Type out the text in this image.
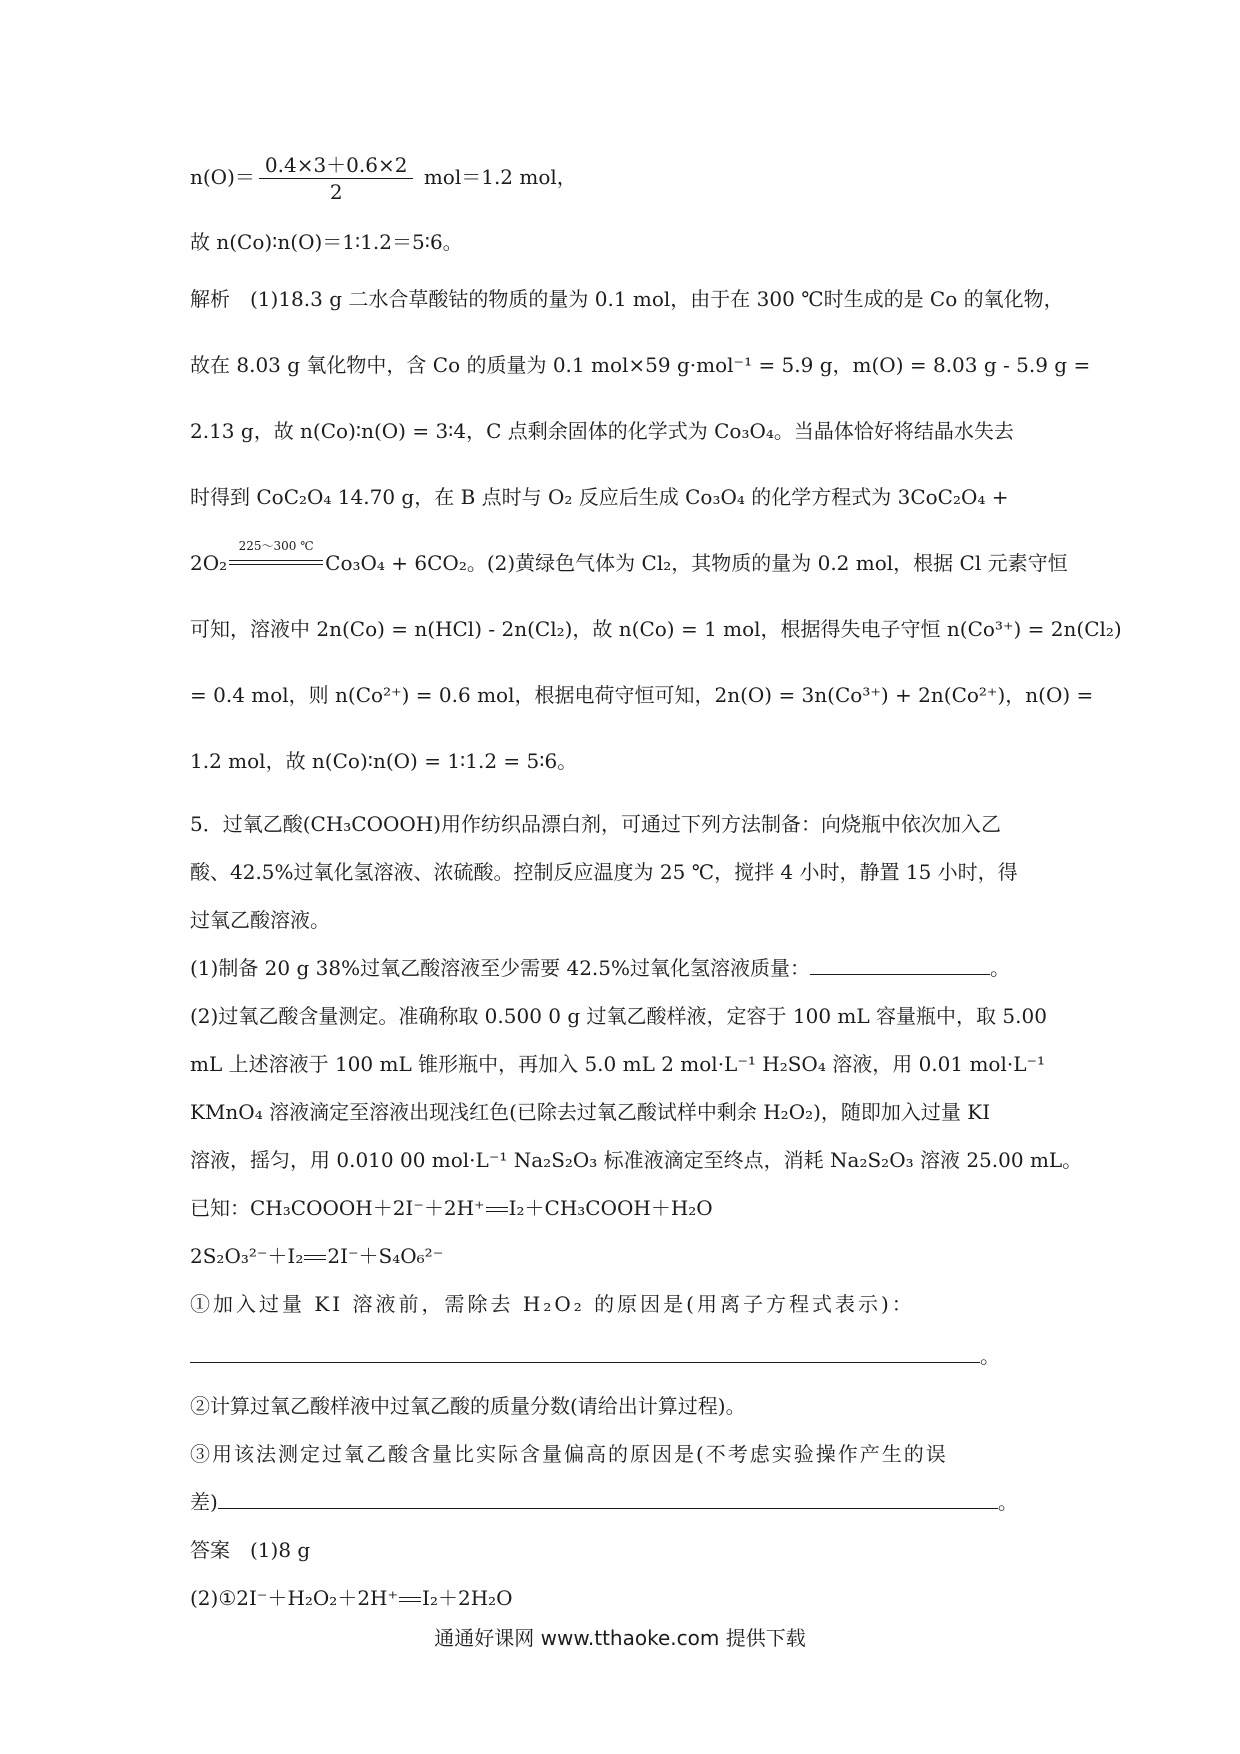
$n(O)= \frac{0.4\times 3+0.6\times 2}{2} mol=1.2$ mol，
故 n(Co)∶n(O)＝1∶1.2＝5∶6。
解析　(1)18.3 g 二水合草酸钴的物质的量为 0.1 mol，由于在 300 ℃时生成的是 Co 的氧化物，
故在 8.03 g 氧化物中，含 Co 的质量为 0.1 mol×59 g·mol⁻¹ = 5.9 g，m(O) = 8.03 g - 5.9 g =
2.13 g，故 n(Co)∶n(O) = 3∶4，C 点剩余固体的化学式为 Co₃O₄。当晶体恰好将结晶水失去
时得到 CoC₂O₄ 14.70 g，在 B 点时与 O₂ 反应后生成 Co₃O₄ 的化学方程式为 3CoC₂O₄ +
2O₂
225～300 ℃
Co₃O₄ + 6CO₂。(2)黄绿色气体为 Cl₂，其物质的量为 0.2 mol，根据 Cl 元素守恒
可知，溶液中 2n(Co) = n(HCl) - 2n(Cl₂)，故 n(Co) = 1 mol，根据得失电子守恒 n(Co³⁺) = 2n(Cl₂)
= 0.4 mol，则 n(Co²⁺) = 0.6 mol，根据电荷守恒可知，2n(O) = 3n(Co³⁺) + 2n(Co²⁺)，n(O) =
1.2 mol，故 n(Co)∶n(O) = 1∶1.2 = 5∶6。
5．过氧乙酸(CH₃COOOH)用作纺织品漂白剂，可通过下列方法制备：向烧瓶中依次加入乙
酸、42.5%过氧化氢溶液、浓硫酸。控制反应温度为 25 ℃，搅拌 4 小时，静置 15 小时，得
过氧乙酸溶液。
(1)制备 20 g 38%过氧乙酸溶液至少需要 42.5%过氧化氢溶液质量：	。
(2)过氧乙酸含量测定。准确称取 0.500 0 g 过氧乙酸样液，定容于 100 mL 容量瓶中，取 5.00
mL 上述溶液于 100 mL 锥形瓶中，再加入 5.0 mL 2 mol·L⁻¹ H₂SO₄ 溶液，用 0.01 mol·L⁻¹
KMnO₄ 溶液滴定至溶液出现浅红色(已除去过氧乙酸试样中剩余 H₂O₂)，随即加入过量 KI
溶液，摇匀，用 0.010 00 mol·L⁻¹ Na₂S₂O₃ 标准液滴定至终点，消耗 Na₂S₂O₃ 溶液 25.00 mL。
已知：CH₃COOOH＋2I⁻＋2H⁺ I₂＋CH₃COOH＋H₂O
2S₂O₃²⁻＋I₂ 2I⁻＋S₄O₆²⁻
①加入过量 KI 溶液前，需除去 H₂O₂ 的原因是(用离子方程式表示)：
。
②计算过氧乙酸样液中过氧乙酸的质量分数(请给出计算过程)。
③用该法测定过氧乙酸含量比实际含量偏高的原因是(不考虑实验操作产生的误
差)	。
答案　(1)8 g
(2)①2I⁻＋H₂O₂＋2H⁺ I₂＋2H₂O
通通好课网 www.tthaoke.com 提供下载
